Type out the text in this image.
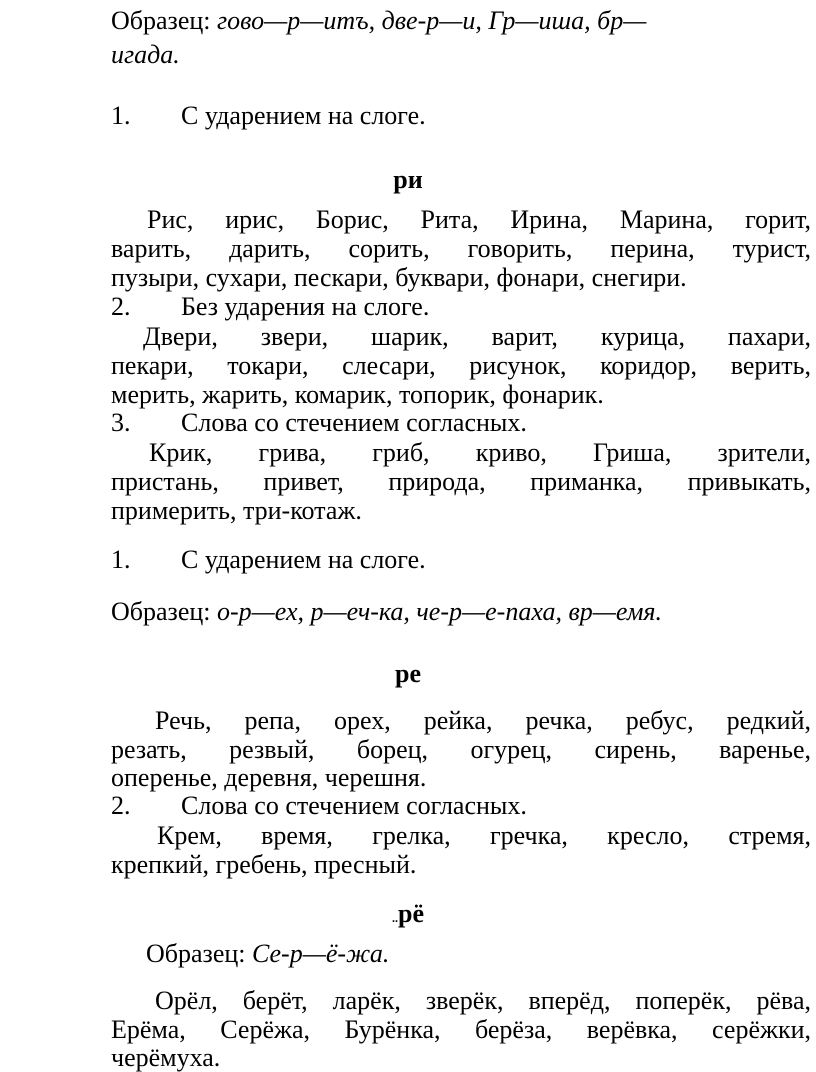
Образец: гово—р—итъ, две-р—и, Гр—иша, бр—
игада.
1. С ударением на слоге.
ри
Рис, ирис, Борис, Рита, Ирина, Марина, горит,
варить, дарить, сорить, говорить, перина, турист,
пузыри, сухари, пескари, буквари, фонари, снегири.
2. Без ударения на слоге.
Двери, звери, шарик, варит, курица, пахари,
пекари, токари, слесари, рисунок, коридор, верить,
мерить, жарить, комарик, топорик, фонарик.
3. Слова со стечением согласных.
Крик, грива, гриб, криво, Гриша, зрители,
пристань, привет, природа, приманка, привыкать,
примерить, три-котаж.
1. С ударением на слоге.
Образец: о-р—ех, р—еч-ка, че-р—е-паха, вр—емя.
ре
Речь, репа, орех, рейка, речка, ребус, редкий,
резать, резвый, борец, огурец, сирень, варенье,
оперенье, деревня, черешня.
2. Слова со стечением согласных.
Крем, время, грелка, гречка, кресло, стремя,
крепкий, гребень, пресный.
..рё
Образец: Се-р—ё-жа.
Орёл, берёт, ларёк, зверёк, вперёд, поперёк, рёва,
Ерёма, Серёжа, Бурёнка, берёза, верёвка, серёжки,
черёмуха.
